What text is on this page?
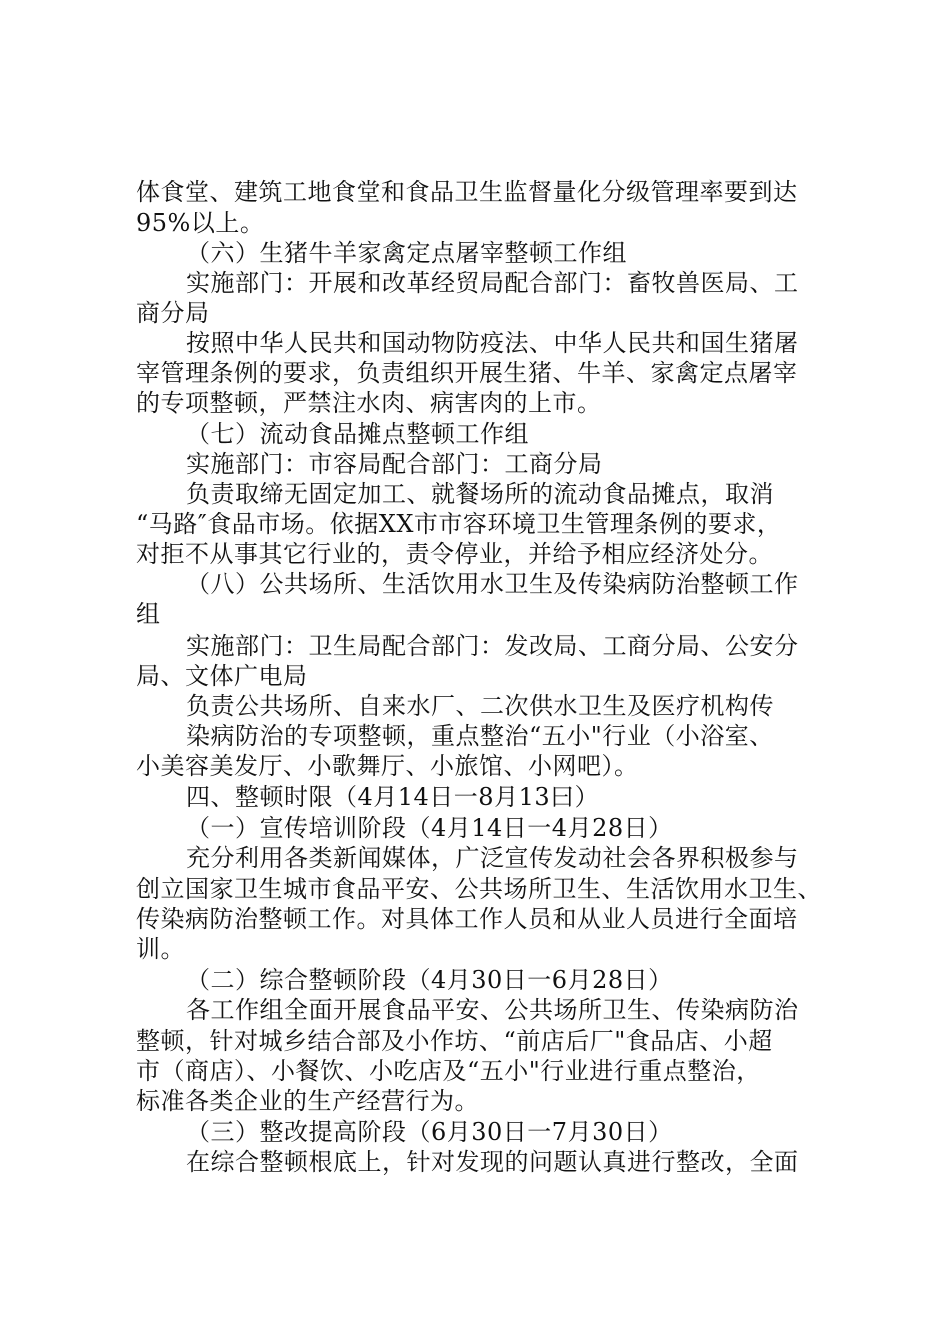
体食堂、建筑工地食堂和食品卫生监督量化分级管理率要到达
95%以上。
（六）生猪牛羊家禽定点屠宰整顿工作组
实施部门：开展和改革经贸局配合部门：畜牧兽医局、工
商分局
按照中华人民共和国动物防疫法、中华人民共和国生猪屠
宰管理条例的要求，负责组织开展生猪、牛羊、家禽定点屠宰
的专项整顿，严禁注水肉、病害肉的上市。
（七）流动食品摊点整顿工作组
实施部门：市容局配合部门：工商分局
负责取缔无固定加工、就餐场所的流动食品摊点，取消
“马路″食品市场。依据XX市市容环境卫生管理条例的要求，
对拒不从事其它行业的，责令停业，并给予相应经济处分。
（八）公共场所、生活饮用水卫生及传染病防治整顿工作
组
实施部门：卫生局配合部门：发改局、工商分局、公安分
局、文体广电局
负责公共场所、自来水厂、二次供水卫生及医疗机构传
染病防治的专项整顿，重点整治“五小"行业（小浴室、
小美容美发厅、小歌舞厅、小旅馆、小网吧）。
四、整顿时限（4月14日一8月13曰）
（一）宣传培训阶段（4月14日一4月28日）
充分利用各类新闻媒体，广泛宣传发动社会各界积极参与
创立国家卫生城市食品平安、公共场所卫生、生活饮用水卫生、
传染病防治整顿工作。对具体工作人员和从业人员进行全面培
训。
（二）综合整顿阶段（4月30日一6月28日）
各工作组全面开展食品平安、公共场所卫生、传染病防治
整顿，针对城乡结合部及小作坊、“前店后厂"食品店、小超
市（商店）、小餐饮、小吃店及“五小"行业进行重点整治，
标准各类企业的生产经营行为。
（三）整改提高阶段（6月30日一7月30日）
在综合整顿根底上，针对发现的问题认真进行整改，全面
